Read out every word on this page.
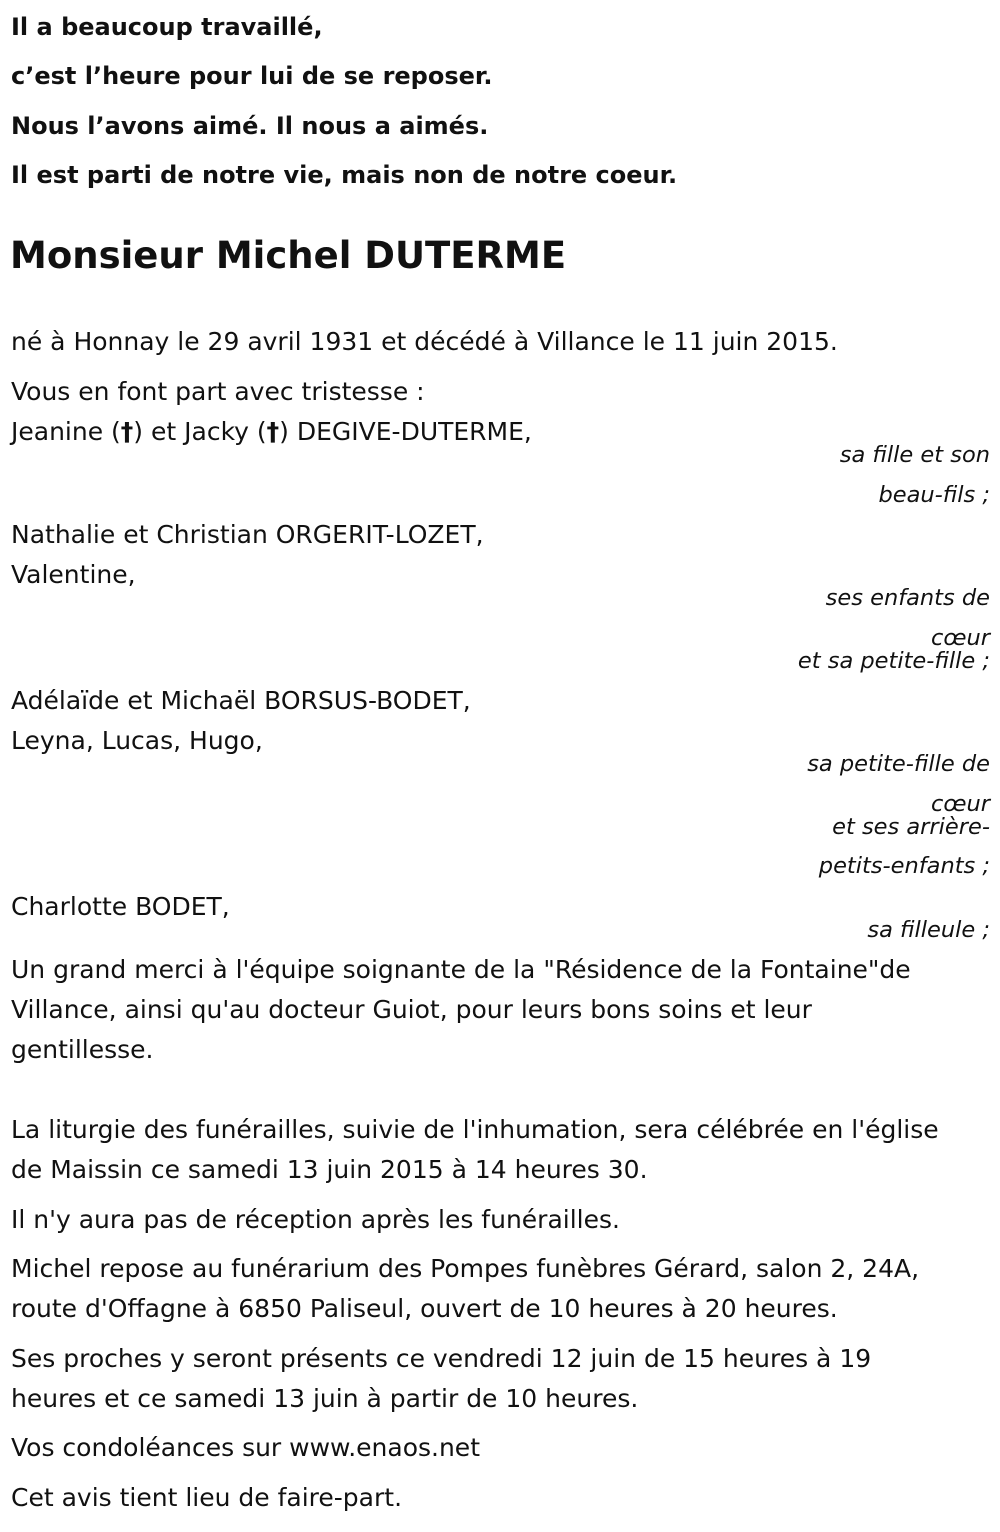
Il a beaucoup travaillé,

c’est l’heure pour lui de se reposer.

Nous l’avons aimé. Il nous a aimés.

Il est parti de notre vie, mais non de notre coeur.

Monsieur Michel DUTERME

né à Honnay le 29 avril 1931 et décédé à Villance le 11 juin 2015.

Vous en font part avec tristesse :

Jeanine (†) et Jacky (†) DEGIVE-DUTERME,

sa fille et son

beau-fils ;

Nathalie et Christian ORGERIT-LOZET,

Valentine,

ses enfants de

cœur

et sa petite-fille ;

Adélaïde et Michaël BORSUS-BODET,

Leyna, Lucas, Hugo,

sa petite-fille de

cœur

et ses arrière-

petits-enfants ;

Charlotte BODET,

sa filleule ;

Un grand merci à l'équipe soignante de la "Résidence de la Fontaine"de

Villance, ainsi qu'au docteur Guiot, pour leurs bons soins et leur

gentillesse.

La liturgie des funérailles, suivie de l'inhumation, sera célébrée en l'église

de Maissin ce samedi 13 juin 2015 à 14 heures 30.

Il n'y aura pas de réception après les funérailles.

Michel repose au funérarium des Pompes funèbres Gérard, salon 2, 24A,

route d'Offagne à 6850 Paliseul, ouvert de 10 heures à 20 heures.

Ses proches y seront présents ce vendredi 12 juin de 15 heures à 19

heures et ce samedi 13 juin à partir de 10 heures.

Vos condoléances sur www.enaos.net

Cet avis tient lieu de faire-part.
